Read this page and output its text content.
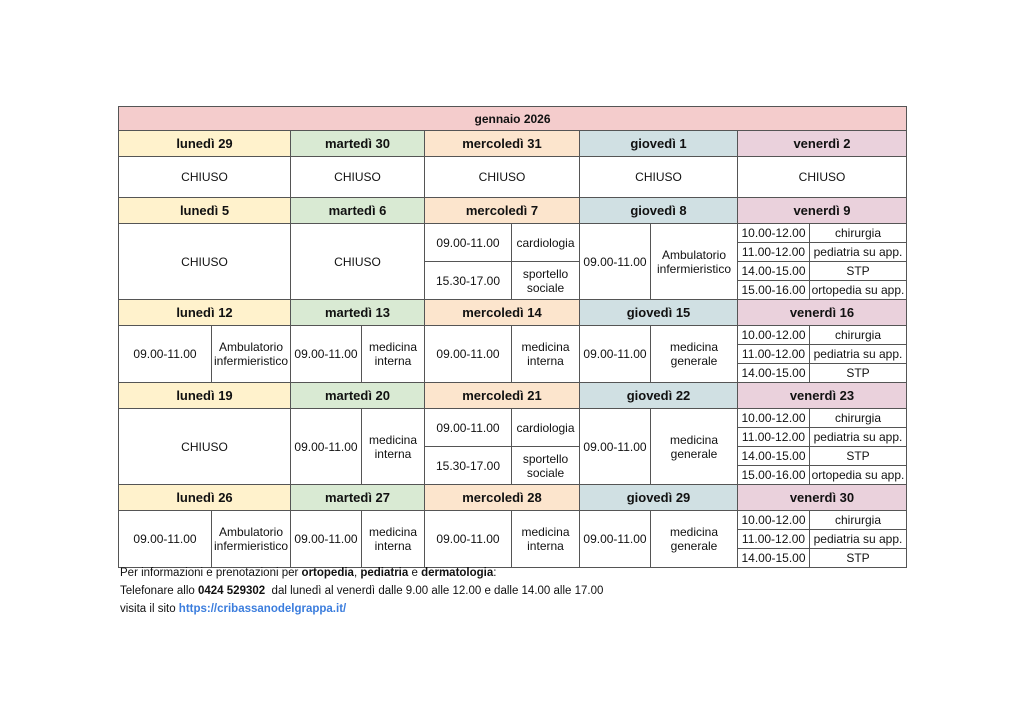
gennaio 2026									
lunedì 29		martedì 30		mercoledì 31		giovedì 1		venerdì 2	
CHIUSO		CHIUSO		CHIUSO		CHIUSO		CHIUSO	
lunedì 5		martedì 6		mercoledì 7		giovedì 8		venerdì 9	
CHIUSO		CHIUSO		09.00-11.00	cardiologia	09.00-11.00	Ambulatorio infermieristico	10.00-12.00	chirurgia
								11.00-12.00	pediatria su app.
				15.30-17.00	sportello sociale			14.00-15.00	STP
								15.00-16.00	ortopedia su app.
lunedì 12		martedì 13		mercoledì 14		giovedì 15		venerdì 16	
09.00-11.00	Ambulatorio infermieristico	09.00-11.00	medicina interna	09.00-11.00	medicina interna	09.00-11.00	medicina generale	10.00-12.00	chirurgia
								11.00-12.00	pediatria su app.
								14.00-15.00	STP
lunedì 19		martedì 20		mercoledì 21		giovedì 22		venerdì 23	
CHIUSO		09.00-11.00	medicina interna	09.00-11.00	cardiologia	09.00-11.00	medicina generale	10.00-12.00	chirurgia
								11.00-12.00	pediatria su app.
				15.30-17.00	sportello sociale			14.00-15.00	STP
								15.00-16.00	ortopedia su app.
lunedì 26		martedì 27		mercoledì 28		giovedì 29		venerdì 30	
09.00-11.00	Ambulatorio infermieristico	09.00-11.00	medicina interna	09.00-11.00	medicina interna	09.00-11.00	medicina generale	10.00-12.00	chirurgia
								11.00-12.00	pediatria su app.
								14.00-15.00	STP
Per informazioni e prenotazioni per ortopedia, pediatria e dermatologia:
Telefonare allo 0424 529302  dal lunedì al venerdì dalle 9.00 alle 12.00 e dalle 14.00 alle 17.00
visita il sito https://cribassanodelgrappa.it/
